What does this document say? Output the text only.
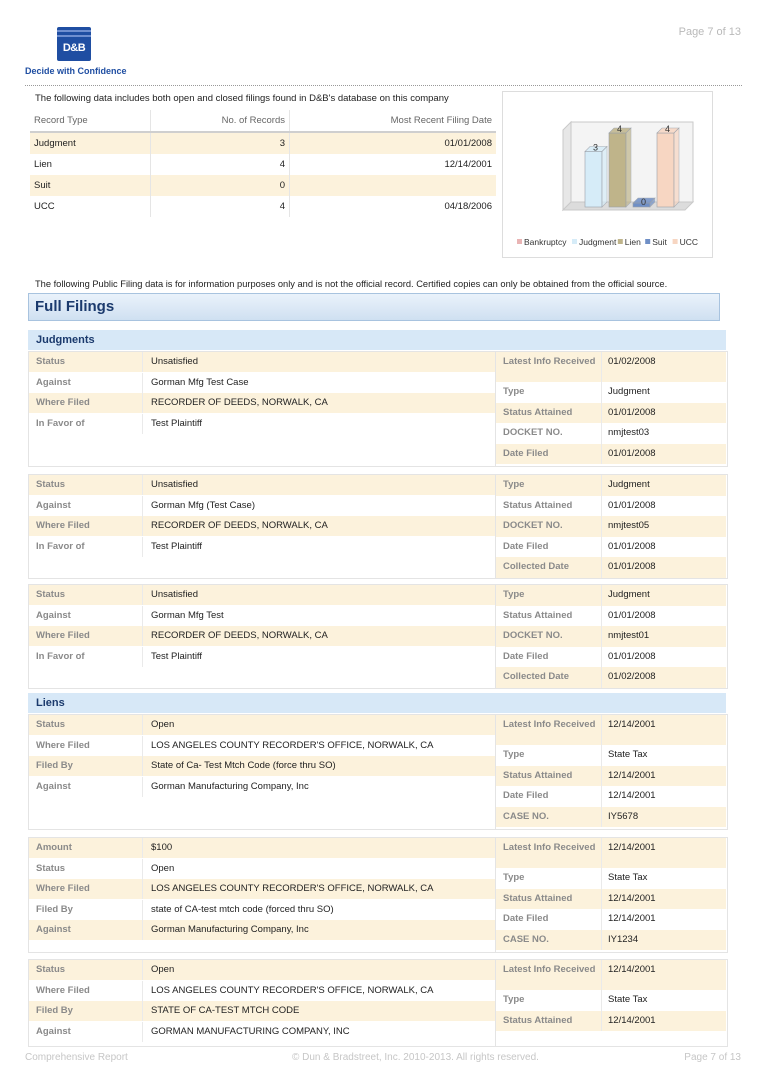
Page 7 of 13
D&B
Decide with Confidence
The following data includes both open and closed filings found in D&B's database on this company
Record Type	No. of Records	Most Recent Filing Date
Judgment	3	01/01/2008
Lien	4	12/14/2001
Suit	0	
UCC	4	04/18/2006
3
4
0
4
Bankruptcy Judgment Lien Suit UCC
The following Public Filing data is for information purposes only and is not the official record. Certified copies can only be obtained from the official source.
Full Filings
Judgments
Status	Unsatisfied
Against	Gorman Mfg Test Case
Where Filed	RECORDER OF DEEDS, NORWALK, CA
In Favor of	Test Plaintiff
Latest Info Received 01/02/2008
Type	Judgment
Status Attained	01/01/2008
DOCKET NO.	nmjtest03
Date Filed	01/01/2008
Status	Unsatisfied
Against	Gorman Mfg (Test Case)
Where Filed	RECORDER OF DEEDS, NORWALK, CA
In Favor of	Test Plaintiff
Type	Judgment
Status Attained	01/01/2008
DOCKET NO.	nmjtest05
Date Filed	01/01/2008
Collected Date	01/01/2008
Status	Unsatisfied
Against	Gorman Mfg Test
Where Filed	RECORDER OF DEEDS, NORWALK, CA
In Favor of	Test Plaintiff
Type	Judgment
Status Attained	01/01/2008
DOCKET NO.	nmjtest01
Date Filed	01/01/2008
Collected Date	01/02/2008
Liens
Status	Open
Where Filed	LOS ANGELES COUNTY RECORDER'S OFFICE, NORWALK, CA
Filed By	State of Ca- Test Mtch Code (force thru SO)
Against	Gorman Manufacturing Company, Inc
Latest Info Received 12/14/2001
Type	State Tax
Status Attained	12/14/2001
Date Filed	12/14/2001
CASE NO.	IY5678
Amount	$100
Status	Open
Where Filed	LOS ANGELES COUNTY RECORDER'S OFFICE, NORWALK, CA
Filed By	state of CA-test mtch code (forced thru SO)
Against	Gorman Manufacturing Company, Inc
Latest Info Received 12/14/2001
Type	State Tax
Status Attained	12/14/2001
Date Filed	12/14/2001
CASE NO.	IY1234
Status	Open
Where Filed	LOS ANGELES COUNTY RECORDER'S OFFICE, NORWALK, CA
Filed By	STATE OF CA-TEST MTCH CODE
Against	GORMAN MANUFACTURING COMPANY, INC
Latest Info Received 12/14/2001
Type	State Tax
Status Attained	12/14/2001
Comprehensive Report	© Dun & Bradstreet, Inc. 2010-2013. All rights reserved.	Page 7 of 13
